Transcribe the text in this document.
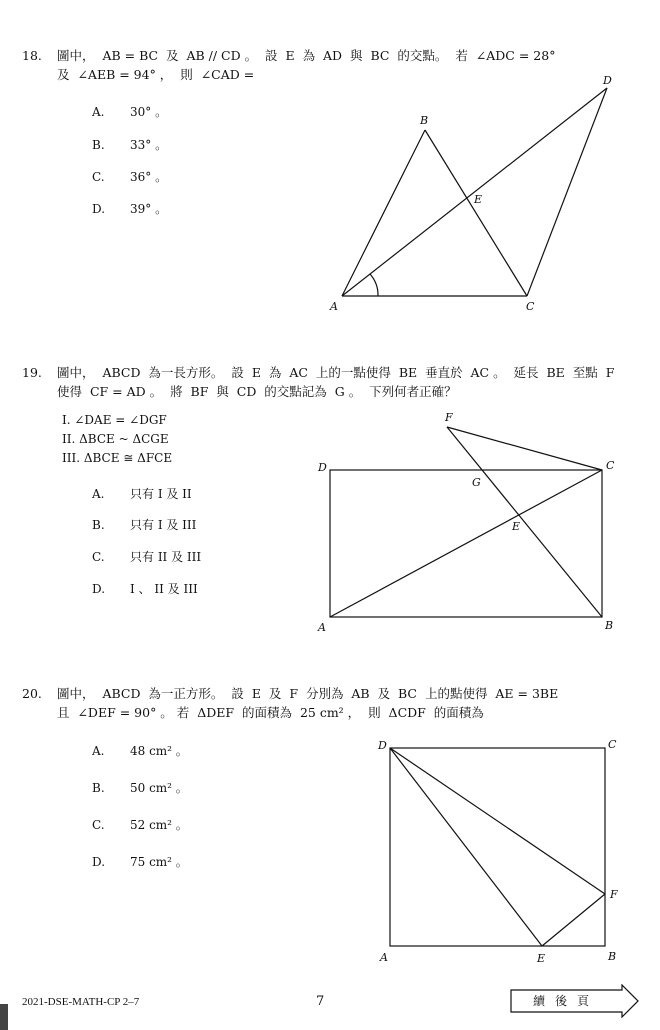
18. 圖中，  AB = BC  及  AB // CD 。  設  E  為  AD  與  BC  的交點。  若  ∠ADC = 28°
及  ∠AEB = 94° ，  則  ∠CAD =
A. 30° 。
B. 33° 。
C. 36° 。
D. 39° 。
A
B
C
D
E
19. 圖中，  ABCD  為一長方形。  設  E  為  AC  上的一點使得  BE  垂直於  AC 。  延長  BE  至點  F
使得  CF = AD 。  將  BF  與  CD  的交點記為  G 。  下列何者正確？
I. ∠DAE = ∠DGF
II. ΔBCE ~ ΔCGE
III. ΔBCE ≅ ΔFCE
A. 只有 I 及 II
B. 只有 I 及 III
C. 只有 II 及 III
D. I 、 II 及 III
A	B
C
D
E
F
G
20. 圖中，  ABCD  為一正方形。  設  E  及  F  分別為  AB  及  BC  上的點使得  AE = 3BE
且  ∠DEF = 90° 。 若  ΔDEF  的面積為  25 cm² ，  則  ΔCDF  的面積為
A. 48 cm² 。
B. 50 cm² 。
C. 52 cm² 。
D. 75 cm² 。
A	B
C
D
E
F
2021-DSE-MATH-CP 2–7	7	續後頁
